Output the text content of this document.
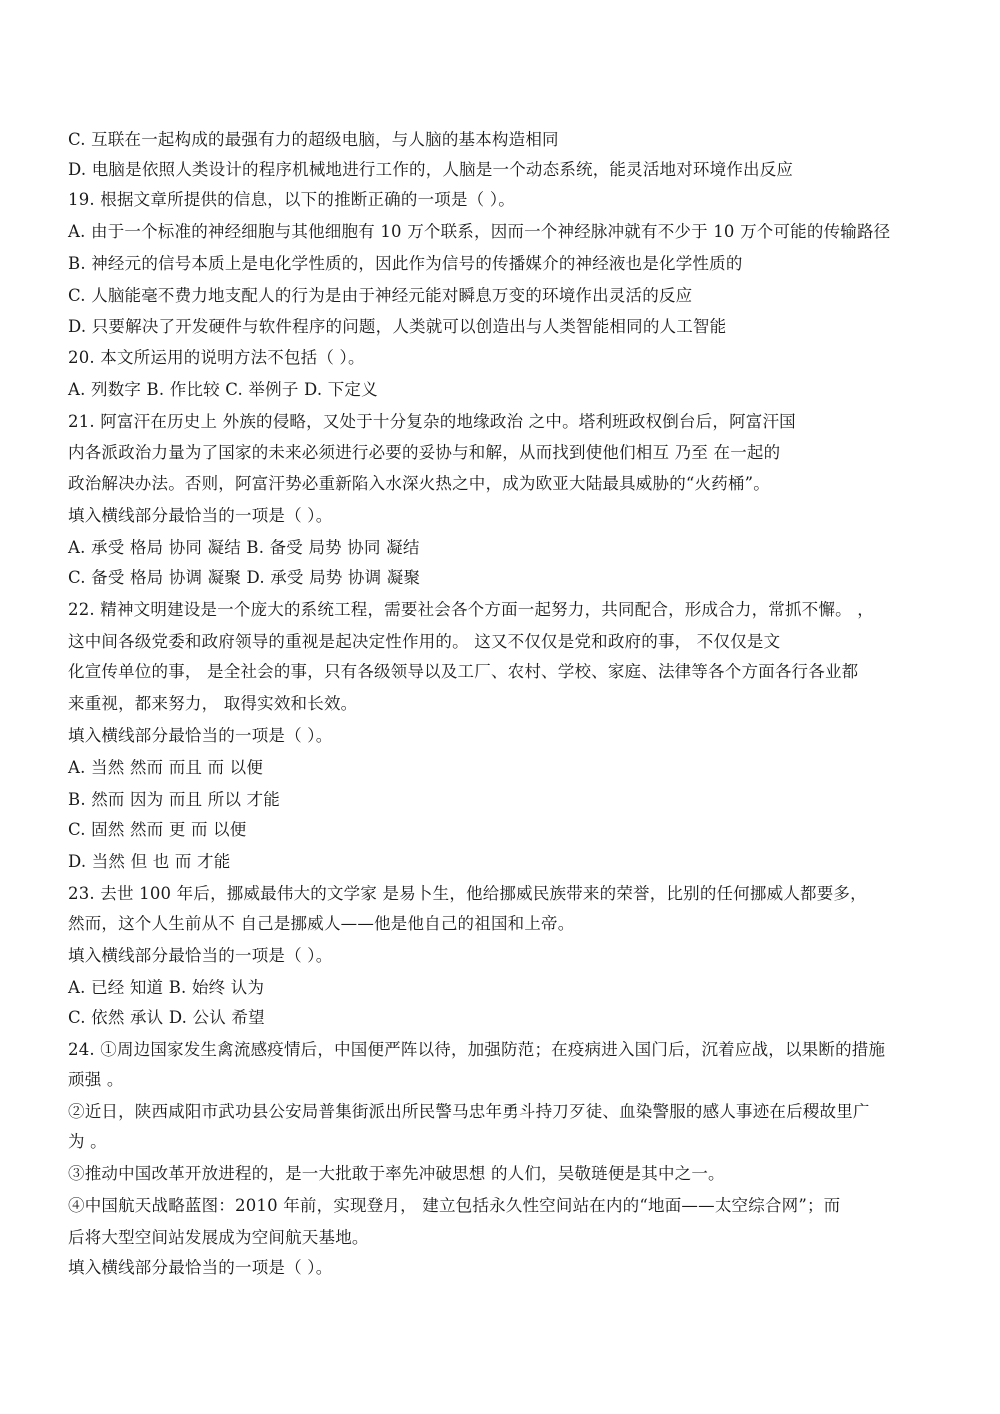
C. 互联在一起构成的最强有力的超级电脑，与人脑的基本构造相同
D. 电脑是依照人类设计的程序机械地进行工作的，人脑是一个动态系统，能灵活地对环境作出反应
19. 根据文章所提供的信息，以下的推断正确的一项是（ ）。
A. 由于一个标准的神经细胞与其他细胞有 10 万个联系，因而一个神经脉冲就有不少于 10 万个可能的传输路径
B. 神经元的信号本质上是电化学性质的，因此作为信号的传播媒介的神经液也是化学性质的
C. 人脑能毫不费力地支配人的行为是由于神经元能对瞬息万变的环境作出灵活的反应
D. 只要解决了开发硬件与软件程序的问题，人类就可以创造出与人类智能相同的人工智能
20. 本文所运用的说明方法不包括（ ）。
A. 列数字 B. 作比较 C. 举例子 D. 下定义
21. 阿富汗在历史上 外族的侵略，又处于十分复杂的地缘政治 之中。塔利班政权倒台后，阿富汗国
内各派政治力量为了国家的未来必须进行必要的妥协与和解，从而找到使他们相互 乃至 在一起的
政治解决办法。否则，阿富汗势必重新陷入水深火热之中，成为欧亚大陆最具威胁的“火药桶”。
填入横线部分最恰当的一项是（ ）。
A. 承受 格局 协同 凝结 B. 备受 局势 协同 凝结
C. 备受 格局 协调 凝聚 D. 承受 局势 协调 凝聚
22. 精神文明建设是一个庞大的系统工程，需要社会各个方面一起努力，共同配合，形成合力，常抓不懈。 ，
这中间各级党委和政府领导的重视是起决定性作用的。 这又不仅仅是党和政府的事， 不仅仅是文
化宣传单位的事， 是全社会的事，只有各级领导以及工厂、农村、学校、家庭、法律等各个方面各行各业都
来重视，都来努力， 取得实效和长效。
填入横线部分最恰当的一项是（ ）。
A. 当然 然而 而且 而 以便
B. 然而 因为 而且 所以 才能
C. 固然 然而 更 而 以便
D. 当然 但 也 而 才能
23. 去世 100 年后，挪威最伟大的文学家 是易卜生，他给挪威民族带来的荣誉，比别的任何挪威人都要多，
然而，这个人生前从不 自己是挪威人——他是他自己的祖国和上帝。
填入横线部分最恰当的一项是（ ）。
A. 已经 知道 B. 始终 认为
C. 依然 承认 D. 公认 希望
24. ①周边国家发生禽流感疫情后，中国便严阵以待，加强防范；在疫病进入国门后，沉着应战，以果断的措施
顽强 。
②近日，陕西咸阳市武功县公安局普集街派出所民警马忠年勇斗持刀歹徒、血染警服的感人事迹在后稷故里广
为 。
③推动中国改革开放进程的，是一大批敢于率先冲破思想 的人们，吴敬琏便是其中之一。
④中国航天战略蓝图：2010 年前，实现登月， 建立包括永久性空间站在内的“地面——太空综合网”；而
后将大型空间站发展成为空间航天基地。
填入横线部分最恰当的一项是（ ）。
